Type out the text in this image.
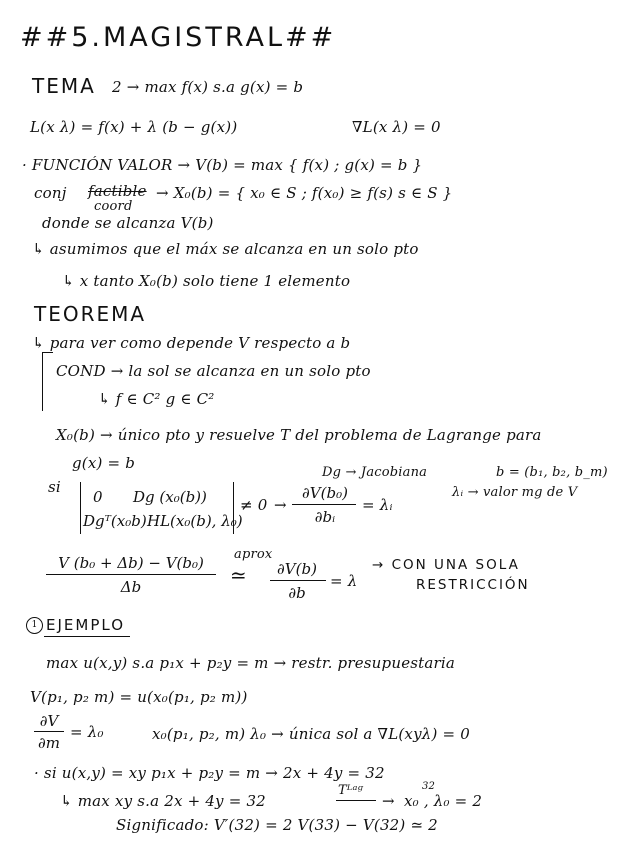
##5.MAGISTRAL##
TEMA 2 → max f(x) s.a g(x) = b
L(x λ) = f(x) + λ (b − g(x))	∇L(x λ) = 0
· FUNCIÓN VALOR → V(b) = max { f(x) ; g(x) = b }
conj factible
coord
→ X₀(b) = { x₀ ∈ S ; f(x₀) ≥ f(s) s ∈ S }
donde se alcanza V(b)
↳ asumimos que el máx se alcanza en un solo pto
↳ x tanto X₀(b) solo tiene 1 elemento
TEOREMA
↳ para ver como depende V respecto a b
COND → la sol se alcanza en un solo pto
↳ f ∈ C² g ∈ C²
X₀(b) → único pto y resuelve T del problema de Lagrange para
g(x) = b
Dg → Jacobiana	b = (b₁, b₂, b_m)
si
0 Dg (x₀(b))
Dgᵀ(x₀b) HL(x₀(b), λ₀)
≠ 0 →
∂V(b₀)
∂bᵢ
= λᵢ
λᵢ → valor mg de V
V (b₀ + Δb) − V(b₀)
Δb
aprox
≃	∂V(b)
∂b
= λ
→ CON UNA SOLA
RESTRICCIÓN
1 EJEMPLO
max u(x,y) s.a p₁x + p₂y = m → restr. presupuestaria
V(p₁, p₂ m) = u(x₀(p₁, p₂ m))
∂V
∂m
= λ₀	x₀(p₁, p₂, m) λ₀ → única sol a ∇L(xyλ) = 0
· si u(x,y) = xy p₁x + p₂y = m → 2x + 4y = 32
↳ max xy s.a 2x + 4y = 32
Tᴸᵃᵍ
→
32
x₀ , λ₀ = 2
Significado: V′(32) = 2 V(33) − V(32) ≃ 2
